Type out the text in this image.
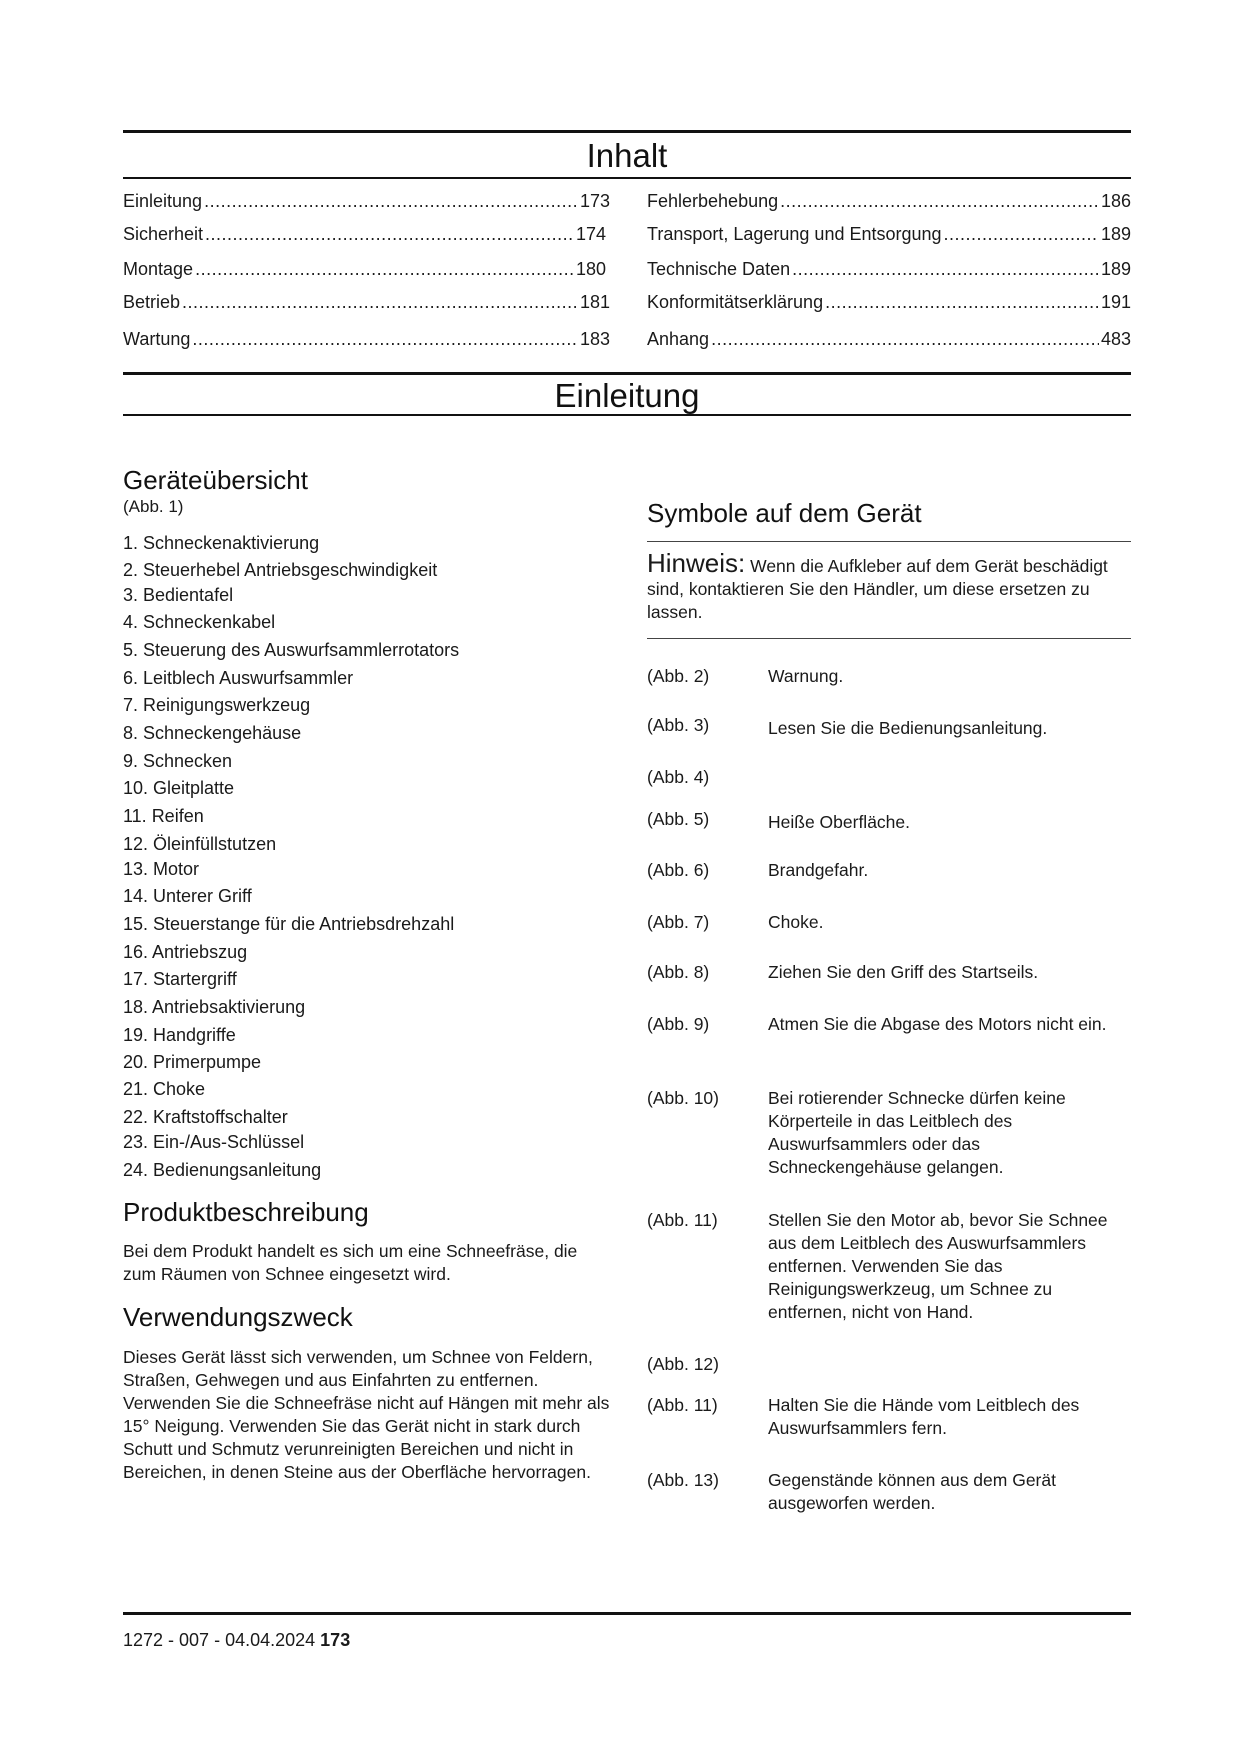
Inhalt
Einleitung .....	173
Sicherheit .....	174
Montage .....	180
Betrieb .....	181
Wartung .....	183
Fehlerbehebung .....	186
Transport, Lagerung und Entsorgung .....	189
Technische Daten .....	189
Konformitätserklärung .....	191
Anhang .....	483
Einleitung
Geräteübersicht
(Abb. 1)
1. Schneckenaktivierung
2. Steuerhebel Antriebsgeschwindigkeit
3. Bedientafel
4. Schneckenkabel
5. Steuerung des Auswurfsammlerrotators
6. Leitblech Auswurfsammler
7. Reinigungswerkzeug
8. Schneckengehäuse
9. Schnecken
10. Gleitplatte
11. Reifen
12. Öleinfüllstutzen
13. Motor
14. Unterer Griff
15. Steuerstange für die Antriebsdrehzahl
16. Antriebszug
17. Startergriff
18. Antriebsaktivierung
19. Handgriffe
20. Primerpumpe
21. Choke
22. Kraftstoffschalter
23. Ein-/Aus-Schlüssel
24. Bedienungsanleitung
Produktbeschreibung
Bei dem Produkt handelt es sich um eine Schneefräse, die zum Räumen von Schnee eingesetzt wird.
Verwendungszweck
Dieses Gerät lässt sich verwenden, um Schnee von Feldern, Straßen, Gehwegen und aus Einfahrten zu entfernen. Verwenden Sie die Schneefräse nicht auf Hängen mit mehr als 15° Neigung. Verwenden Sie das Gerät nicht in stark durch Schutt und Schmutz verunreinigten Bereichen und nicht in Bereichen, in denen Steine aus der Oberfläche hervorragen.
Symbole auf dem Gerät
Hinweis: Wenn die Aufkleber auf dem Gerät beschädigt sind, kontaktieren Sie den Händler, um diese ersetzen zu lassen.
(Abb. 2)	Warnung.
(Abb. 3)	Lesen Sie die Bedienungsanleitung.
(Abb. 4)
(Abb. 5)	Heiße Oberfläche.
(Abb. 6)	Brandgefahr.
(Abb. 7)	Choke.
(Abb. 8)	Ziehen Sie den Griff des Startseils.
(Abb. 9)	Atmen Sie die Abgase des Motors nicht ein.
(Abb. 10)	Bei rotierender Schnecke dürfen keine Körperteile in das Leitblech des Auswurfsammlers oder das Schneckengehäuse gelangen.
(Abb. 11)	Stellen Sie den Motor ab, bevor Sie Schnee aus dem Leitblech des Auswurfsammlers entfernen. Verwenden Sie das Reinigungswerkzeug, um Schnee zu entfernen, nicht von Hand.
(Abb. 12)
(Abb. 11)	Halten Sie die Hände vom Leitblech des Auswurfsammlers fern.
(Abb. 13)	Gegenstände können aus dem Gerät ausgeworfen werden.
1272 - 007 - 04.04.2024 173
